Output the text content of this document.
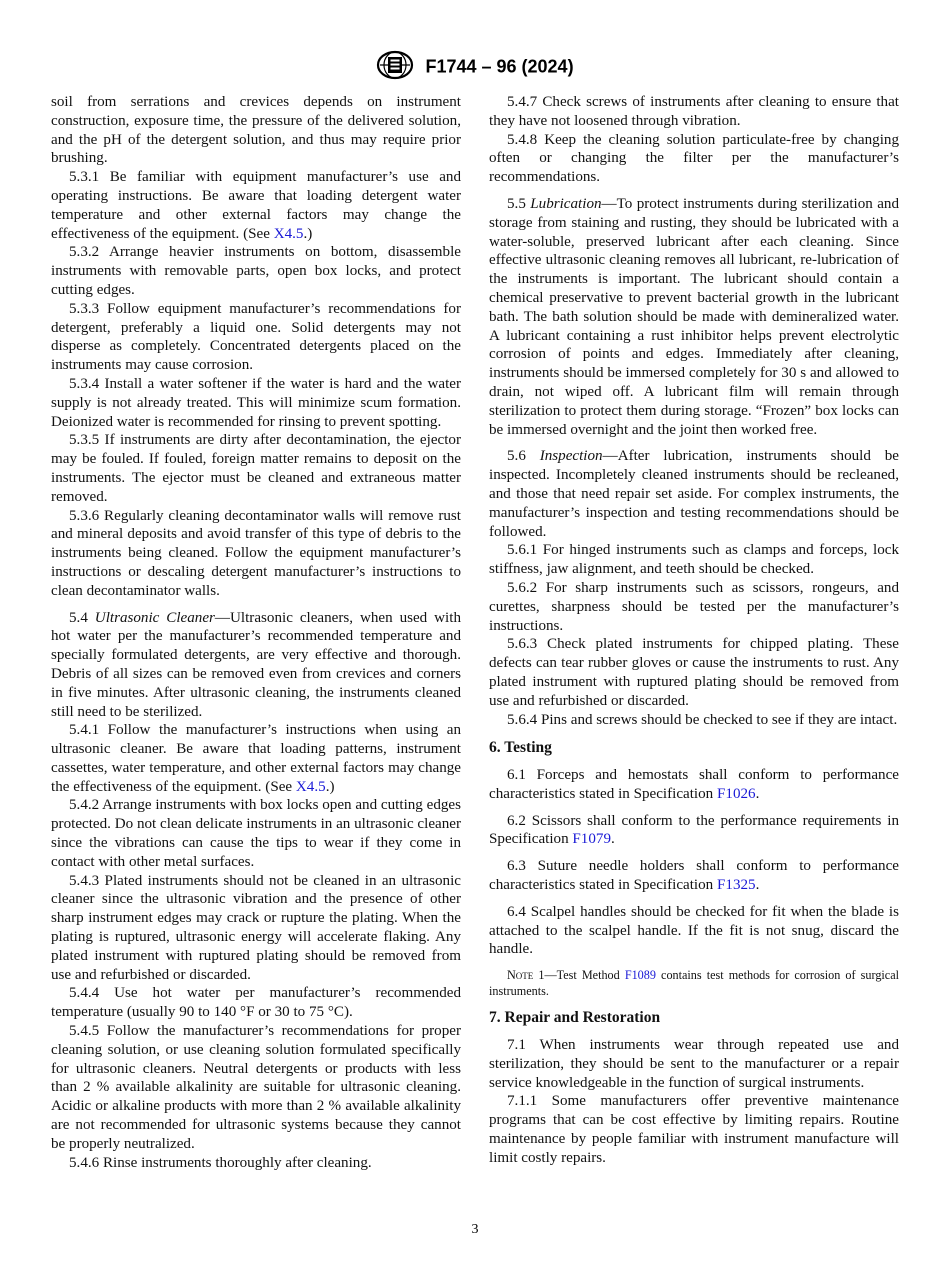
F1744 – 96 (2024)

soil from serrations and crevices depends on instrument construction, exposure time, the pressure of the delivered solution, and the pH of the detergent solution, and thus may require prior brushing.

5.3.1 Be familiar with equipment manufacturer’s use and operating instructions. Be aware that loading detergent water temperature and other external factors may change the effectiveness of the equipment. (See X4.5.)

5.3.2 Arrange heavier instruments on bottom, disassemble instruments with removable parts, open box locks, and protect cutting edges.

5.3.3 Follow equipment manufacturer’s recommendations for detergent, preferably a liquid one. Solid detergents may not disperse as completely. Concentrated detergents placed on the instruments may cause corrosion.

5.3.4 Install a water softener if the water is hard and the water supply is not already treated. This will minimize scum formation. Deionized water is recommended for rinsing to prevent spotting.

5.3.5 If instruments are dirty after decontamination, the ejector may be fouled. If fouled, foreign matter remains to deposit on the instruments. The ejector must be cleaned and extraneous matter removed.

5.3.6 Regularly cleaning decontaminator walls will remove rust and mineral deposits and avoid transfer of this type of debris to the instruments being cleaned. Follow the equipment manufacturer’s instructions or descaling detergent manufacturer’s instructions to clean decontaminator walls.

5.4 Ultrasonic Cleaner—Ultrasonic cleaners, when used with hot water per the manufacturer’s recommended temperature and specially formulated detergents, are very effective and thorough. Debris of all sizes can be removed even from crevices and corners in five minutes. After ultrasonic cleaning, the instruments cleaned still need to be sterilized.

5.4.1 Follow the manufacturer’s instructions when using an ultrasonic cleaner. Be aware that loading patterns, instrument cassettes, water temperature, and other external factors may change the effectiveness of the equipment. (See X4.5.)

5.4.2 Arrange instruments with box locks open and cutting edges protected. Do not clean delicate instruments in an ultrasonic cleaner since the vibrations can cause the tips to wear if they come in contact with other metal surfaces.

5.4.3 Plated instruments should not be cleaned in an ultrasonic cleaner since the ultrasonic vibration and the presence of other sharp instrument edges may crack or rupture the plating. When the plating is ruptured, ultrasonic energy will accelerate flaking. Any plated instrument with ruptured plating should be removed from use and refurbished or discarded.

5.4.4 Use hot water per manufacturer’s recommended temperature (usually 90 to 140 °F or 30 to 75 °C).

5.4.5 Follow the manufacturer’s recommendations for proper cleaning solution, or use cleaning solution formulated specifically for ultrasonic cleaners. Neutral detergents or products with less than 2 % available alkalinity are suitable for ultrasonic cleaning. Acidic or alkaline products with more than 2 % available alkalinity are not recommended for ultrasonic systems because they cannot be properly neutralized.

5.4.6 Rinse instruments thoroughly after cleaning.

5.4.7 Check screws of instruments after cleaning to ensure that they have not loosened through vibration.

5.4.8 Keep the cleaning solution particulate-free by changing often or changing the filter per the manufacturer’s recommendations.

5.5 Lubrication—To protect instruments during sterilization and storage from staining and rusting, they should be lubricated with a water-soluble, preserved lubricant after each cleaning. Since effective ultrasonic cleaning removes all lubricant, re-lubrication of the instruments is important. The lubricant should contain a chemical preservative to prevent bacterial growth in the lubricant bath. The bath solution should be made with demineralized water. A lubricant containing a rust inhibitor helps prevent electrolytic corrosion of points and edges. Immediately after cleaning, instruments should be immersed completely for 30 s and allowed to drain, not wiped off. A lubricant film will remain through sterilization to protect them during storage. “Frozen” box locks can be immersed overnight and the joint then worked free.

5.6 Inspection—After lubrication, instruments should be inspected. Incompletely cleaned instruments should be recleaned, and those that need repair set aside. For complex instruments, the manufacturer’s inspection and testing recommendations should be followed.

5.6.1 For hinged instruments such as clamps and forceps, lock stiffness, jaw alignment, and teeth should be checked.

5.6.2 For sharp instruments such as scissors, rongeurs, and curettes, sharpness should be tested per the manufacturer’s instructions.

5.6.3 Check plated instruments for chipped plating. These defects can tear rubber gloves or cause the instruments to rust. Any plated instrument with ruptured plating should be removed from use and refurbished or discarded.

5.6.4 Pins and screws should be checked to see if they are intact.

6. Testing

6.1 Forceps and hemostats shall conform to performance characteristics stated in Specification F1026.

6.2 Scissors shall conform to the performance requirements in Specification F1079.

6.3 Suture needle holders shall conform to performance characteristics stated in Specification F1325.

6.4 Scalpel handles should be checked for fit when the blade is attached to the scalpel handle. If the fit is not snug, discard the handle.

Note 1—Test Method F1089 contains test methods for corrosion of surgical instruments.

7. Repair and Restoration

7.1 When instruments wear through repeated use and sterilization, they should be sent to the manufacturer or a repair service knowledgeable in the function of surgical instruments.

7.1.1 Some manufacturers offer preventive maintenance programs that can be cost effective by limiting repairs. Routine maintenance by people familiar with instrument manufacture will limit costly repairs.

3
